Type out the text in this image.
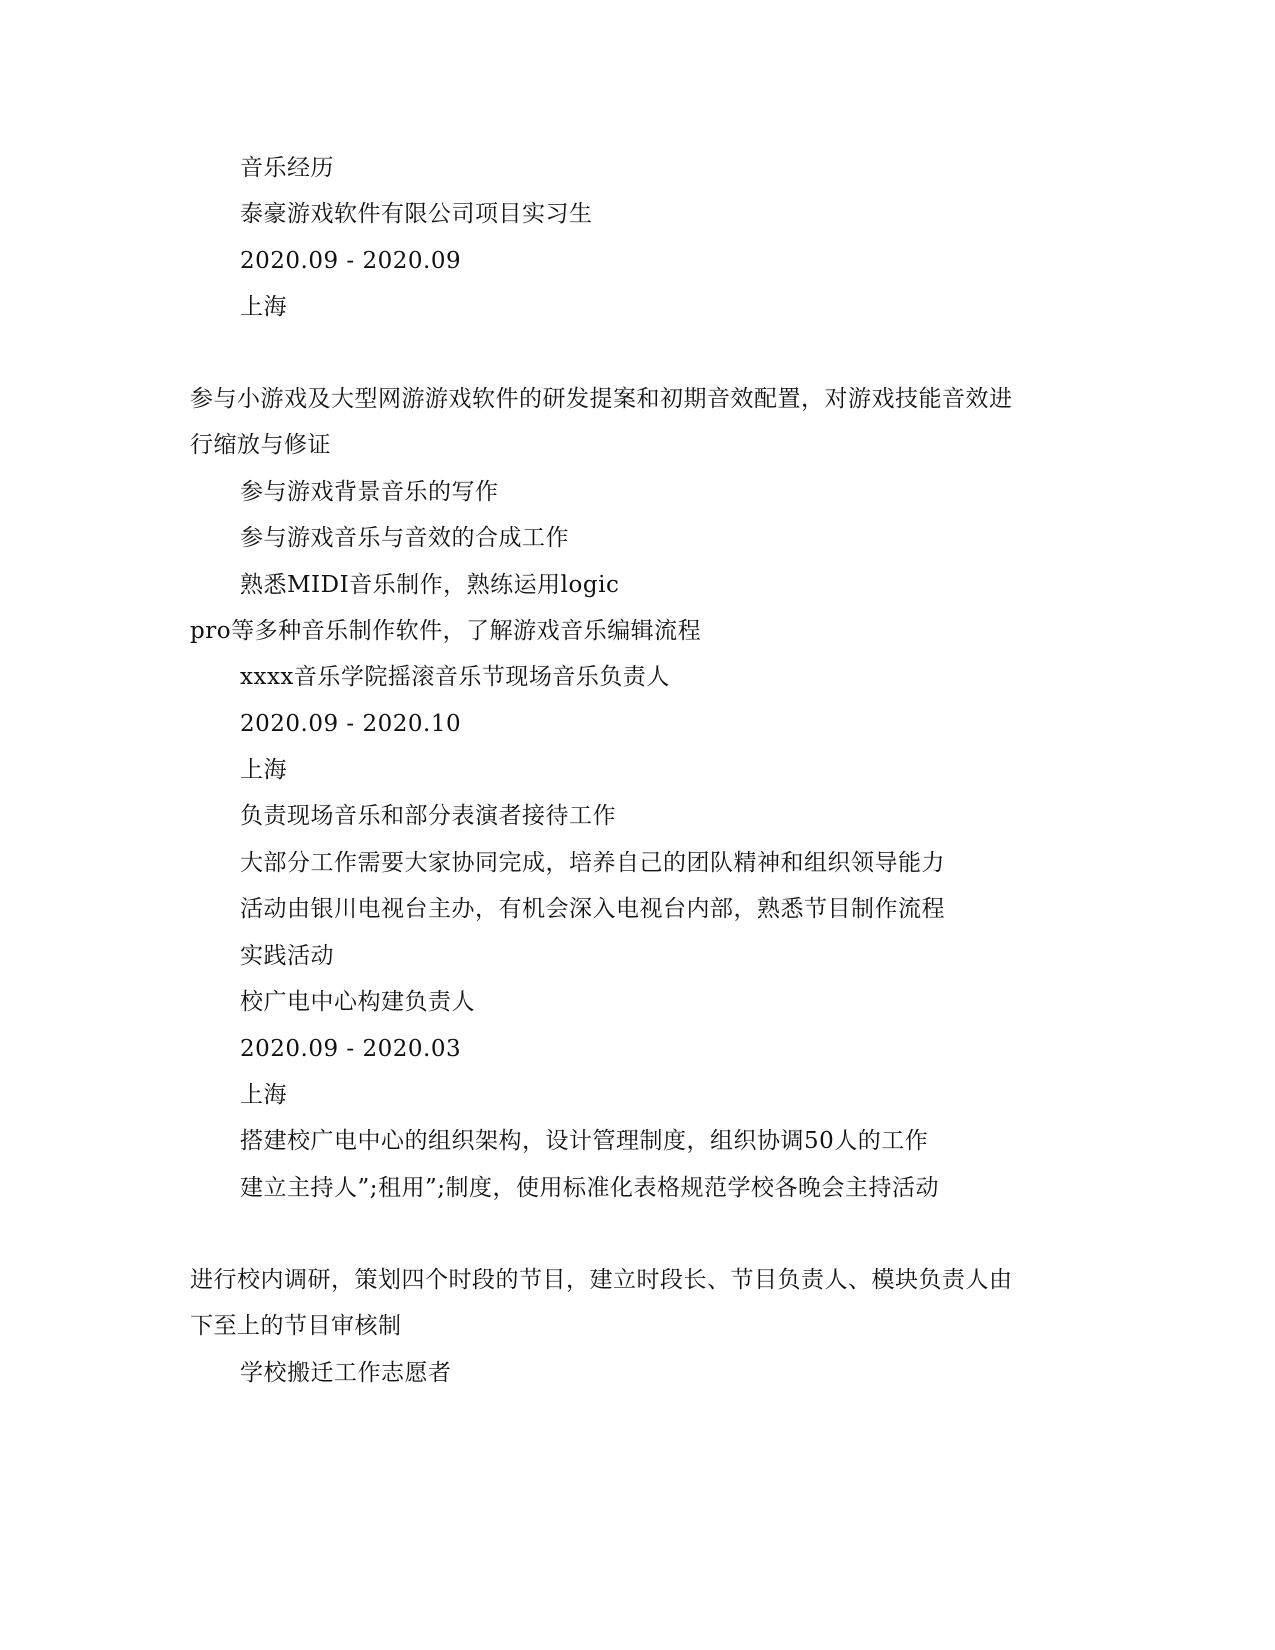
音乐经历
泰豪游戏软件有限公司项目实习生
2020.09 - 2020.09
上海
参与小游戏及大型网游游戏软件的研发提案和初期音效配置，对游戏技能音效进
行缩放与修证
参与游戏背景音乐的写作
参与游戏音乐与音效的合成工作
熟悉MIDI音乐制作，熟练运用logic
pro等多种音乐制作软件，了解游戏音乐编辑流程
xxxx音乐学院摇滚音乐节现场音乐负责人
2020.09 - 2020.10
上海
负责现场音乐和部分表演者接待工作
大部分工作需要大家协同完成，培养自己的团队精神和组织领导能力
活动由银川电视台主办，有机会深入电视台内部，熟悉节目制作流程
实践活动
校广电中心构建负责人
2020.09 - 2020.03
上海
搭建校广电中心的组织架构，设计管理制度，组织协调50人的工作
建立主持人”;租用”;制度，使用标准化表格规范学校各晚会主持活动
进行校内调研，策划四个时段的节目，建立时段长、节目负责人、模块负责人由
下至上的节目审核制
学校搬迁工作志愿者
